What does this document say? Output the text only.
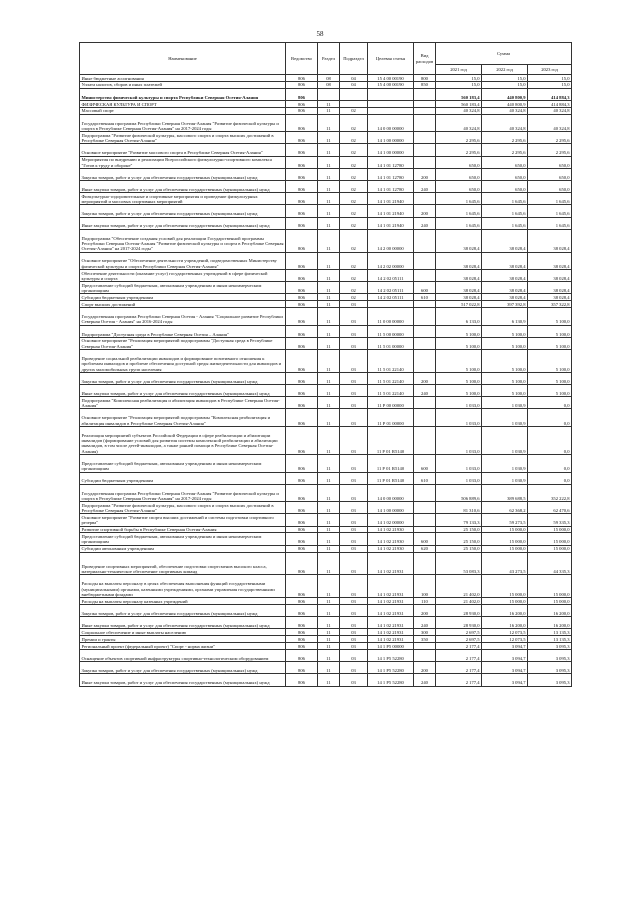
58
Наименование	Ведомство	Раздел	Подраздел	Целевая статья	Вид расходов	Сумма		
						2021 год	2022 год	2023 год
Иные бюджетные ассигнования	806	08	04	15 4 00 00190	800	15,0	15,0	15,0
Уплата налогов, сборов и иных платежей	806	08	04	15 4 00 00190	850	15,0	15,0	15,0
Министерство физической культуры и спорта Республики Северная Осетия-Алания	806					560 183,4	440 800,9	414 884,3
ФИЗИЧЕСКАЯ КУЛЬТУРА И СПОРТ	806	11				560 183,4	440 800,9	414 884,3
Массовый спорт	806	11	02			40 324,8	40 324,8	40 324,8
Государственная программа Республики Северная Осетия-Алания "Развитие физической культуры и спорта в Республике Северная Осетия-Алания" на 2017-2024 годы	806	11	02	14 0 00 00000		40 324,8	40 324,8	40 324,8
Подпрограмма "Развитие физической культуры, массового спорта и спорта высших достижений в Республике Северная Осетия-Алания"	806	11	02	14 1 00 00000		2 295,6	2 295,6	2 295,6
Основное мероприятие "Развитие массового спорта в Республике Северная Осетия-Алания"	806	11	02	14 1 00 00000		2 295,6	2 295,6	2 295,6
Мероприятия по внедрению и реализации Всероссийского физкультурно-спортивного комплекса "Готов к труду и обороне"	806	11	02	14 1 01 12780		650,0	650,0	650,0
Закупка товаров, работ и услуг для обеспечения государственных (муниципальных) нужд	806	11	02	14 1 01 12780	200	650,0	650,0	650,0
Иные закупки товаров, работ и услуг для обеспечения государственных (муниципальных) нужд	806	11	02	14 1 01 12780	240	650,0	650,0	650,0
Физкультурно-оздоровительные и спортивные мероприятия и проведение физкультурных мероприятий и массовых спортивных мероприятий	806	11	02	14 1 01 21940		1 645,6	1 645,6	1 645,6
Закупка товаров, работ и услуг для обеспечения государственных (муниципальных) нужд	806	11	02	14 1 01 21940	200	1 645,6	1 645,6	1 645,6
Иные закупки товаров, работ и услуг для обеспечения государственных (муниципальных) нужд	806	11	02	14 1 01 21940	240	1 645,6	1 645,6	1 645,6
Подпрограмма "Обеспечение создания условий для реализации Государственной программы Республики Северная Осетия-Алания "Развитие физической культуры и спорта в Республике Северная Осетия-Алания" на 2017-2024 годы"	806	11	02	14 2 00 00000		38 028,4	38 028,4	38 028,4
Основное мероприятие "Обеспечение деятельности учреждений, подведомственных Министерству физической культуры и спорта Республики Северная Осетия-Алания"	806	11	02	14 2 02 00000		38 028,4	38 028,4	38 028,4
Обеспечение деятельности (оказание услуг) государственных учреждений в сфере физической культуры и спорта	806	11	02	14 2 02 05111		38 028,4	38 028,4	38 028,4
Предоставление субсидий бюджетным, автономным учреждениям и иным некоммерческим организациям	806	11	02	14 2 02 05111	600	38 028,4	38 028,4	38 028,4
Субсидии бюджетным учреждениям	806	11	02	14 2 02 05111	610	38 028,4	38 028,4	38 028,4
Спорт высших достижений	806	11	03			517 022,8	397 392,8	357 322,8
Государственная программа Республики Северная Осетия - Алания "Социальное развитие Республики Северная Осетия - Алания" на 2016-2024 годы	806	11	03	11 0 00 00000		6 133,0	6 130,9	5 100,0
Подпрограмма "Доступная среда в Республике Северная Осетия – Алания"	806	11	03	11 5 00 00000		5 100,0	5 100,0	5 100,0
Основное мероприятие "Реализация мероприятий подпрограммы "Доступная среда в Республике Северная Осетия-Алания"	806	11	03	11 5 01 00000		5 100,0	5 100,0	5 100,0
Проведение социальной реабилитации инвалидов и формирование позитивного отношения к проблемам инвалидов и проблеме обеспечения доступной среды жизнедеятельности для инвалидов и других маломобильных групп населения	806	11	03	11 5 01 22140		5 100,0	5 100,0	5 100,0
Закупка товаров, работ и услуг для обеспечения государственных (муниципальных) нужд	806	11	03	11 5 01 22140	200	5 100,0	5 100,0	5 100,0
Иные закупки товаров, работ и услуг для обеспечения государственных (муниципальных) нужд	806	11	03	11 5 01 22140	240	5 100,0	5 100,0	5 100,0
Подпрограмма "Комплексная реабилитация и абилитация инвалидов в Республике Северная Осетия-Алания"	806	11	03	11 Р 00 00000		1 033,0	1 030,9	0,0
Основное мероприятие "Реализация мероприятий подпрограммы "Комплексная реабилитация и абилитация инвалидов в Республике Северная Осетия-Алания"	806	11	03	11 Р 01 00000		1 033,0	1 030,9	0,0
Реализация мероприятий субъектов Российской Федерации в сфере реабилитации и абилитации инвалидов (формирование условий для развития системы комплексной реабилитации и абилитации инвалидов, в том числе детей-инвалидов, а также ранней помощи в Республике Северная Осетия-Алания)	806	11	03	11 Р 01 R5140		1 033,0	1 030,9	0,0
Предоставление субсидий бюджетным, автономным учреждениям и иным некоммерческим организациям	806	11	03	11 Р 01 R5140	600	1 033,0	1 030,9	0,0
Субсидии бюджетным учреждениям	806	11	03	11 Р 01 R5140	610	1 033,0	1 030,9	0,0
Государственная программа Республики Северная Осетия-Алания "Развитие физической культуры и спорта в Республике Северная Осетия-Алания" на 2017-2024 годы	806	11	03	14 0 00 00000		506 889,6	389 688,5	352 222,8
Подпрограмма "Развитие физической культуры, массового спорта и спорта высших достижений в Республике Северная Осетия-Алания"	806	11	03	14 1 00 00000		81 310,6	62 368,2	62 470,6
Основное мероприятие "Развитие спорта высших достижений и системы подготовки спортивного резерва"	806	11	03	14 1 02 00000		79 133,3	59 273,5	59 335,3
Развитие спортивной борьбы в Республике Северная Осетия-Алания	806	11	03	14 1 02 21930		25 150,0	15 000,0	15 000,0
Предоставление субсидий бюджетным, автономным учреждениям и иным некоммерческим организациям	806	11	03	14 1 02 21930	600	25 150,0	15 000,0	15 000,0
Субсидии автономным учреждениям	806	11	03	14 1 02 21930	620	25 150,0	15 000,0	15 000,0
Проведение спортивных мероприятий, обеспечение подготовки спортсменов высокого класса, материально-техническое обеспечение спортивных команд	806	11	03	14 1 02 21931		53 083,3	43 273,5	44 335,3
Расходы на выплаты персоналу в целях обеспечения выполнения функций государственными (муниципальными) органами, казенными учреждениями, органами управления государственными внебюджетными фондами	806	11	03	14 1 02 21931	100	21 402,0	15 000,0	15 000,0
Расходы на выплаты персоналу казенных учреждений	806	11	03	14 1 02 21931	110	21 402,0	15 000,0	15 000,0
Закупка товаров, работ и услуг для обеспечения государственных (муниципальных) нужд	806	11	03	14 1 02 21931	200	28 930,0	16 200,0	16 200,0
Иные закупки товаров, работ и услуг для обеспечения государственных (муниципальных) нужд	806	11	03	14 1 02 21931	240	28 930,0	16 200,0	16 200,0
Социальное обеспечение и иные выплаты населению	806	11	03	14 1 02 21931	300	2 697,5	12 073,5	13 135,3
Премии и гранты	806	11	03	14 1 02 21931	350	2 697,5	12 073,5	13 135,3
Региональный проект (федеральный проект) "Спорт - норма жизни"	806	11	03	14 1 Р5 00000		2 177,4	3 094,7	3 095,3
Оснащение объектов спортивной инфраструктуры спортивно-технологическим оборудованием	806	11	03	14 1 Р5 52280		2 177,4	3 094,7	3 095,3
Закупка товаров, работ и услуг для обеспечения государственных (муниципальных) нужд	806	11	03	14 1 Р5 52280	200	2 177,4	3 094,7	3 095,3
Иные закупки товаров, работ и услуг для обеспечения государственных (муниципальных) нужд	806	11	03	14 1 Р5 52280	240	2 177,4	3 094,7	3 095,3
